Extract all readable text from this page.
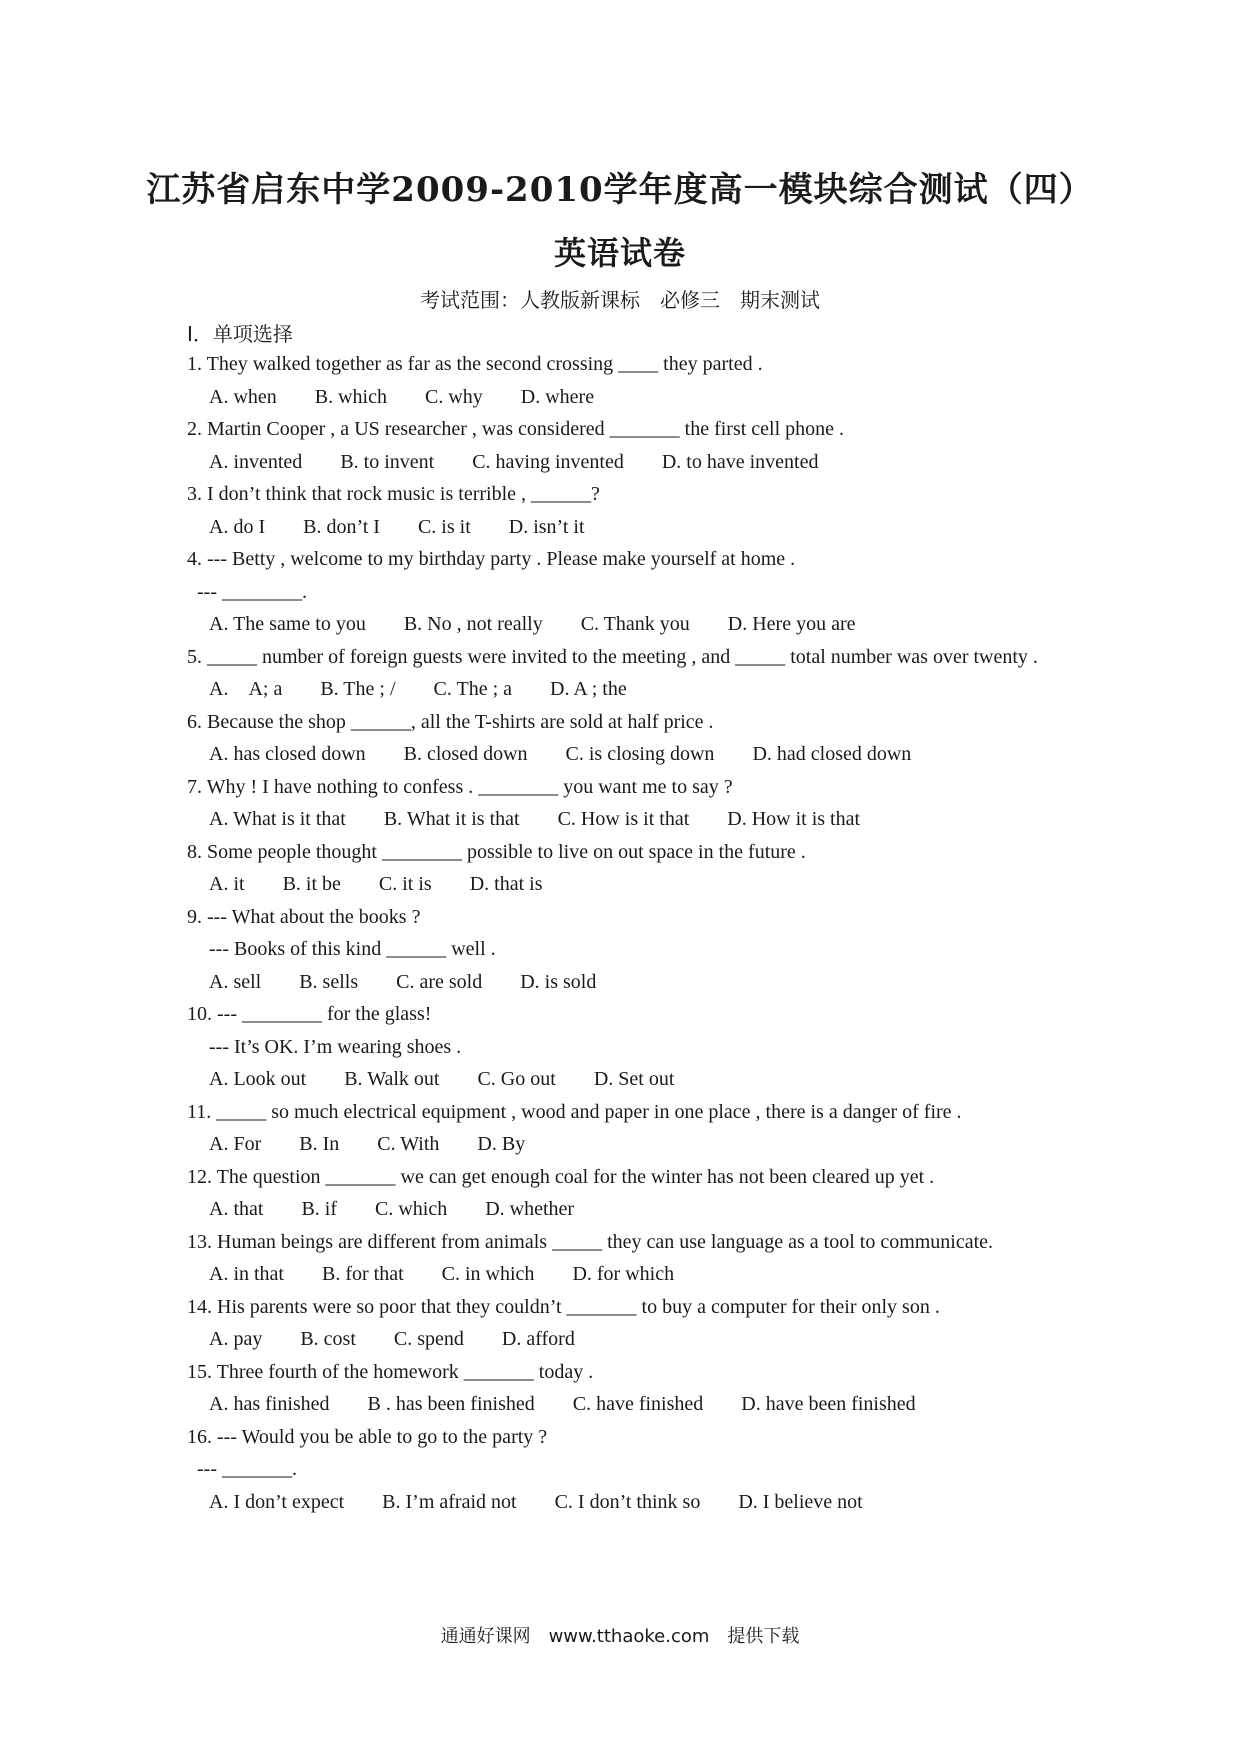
江苏省启东中学2009-2010学年度高一模块综合测试（四）
英语试卷
考试范围：人教版新课标　必修三　期末测试
I．单项选择

1. They walked together as far as the second crossing ____ they parted .

A. when B. which C. why D. where

2. Martin Cooper , a US researcher , was considered _______ the first cell phone .

A. invented B. to invent C. having invented D. to have invented

3. I don’t think that rock music is terrible , ______?

A. do I B. don’t I C. is it D. isn’t it

4. --- Betty , welcome to my birthday party . Please make yourself at home .

--- ________.

A. The same to you B. No , not really C. Thank you D. Here you are

5. _____ number of foreign guests were invited to the meeting , and _____ total number was over twenty .

A.　A; a B. The ; / C. The ; a D. A ; the

6. Because the shop ______, all the T-shirts are sold at half price .

A. has closed down B. closed down C. is closing down D. had closed down

7. Why ! I have nothing to confess . ________ you want me to say ?

A. What is it that B. What it is that C. How is it that D. How it is that

8. Some people thought ________ possible to live on out space in the future .

A. it B. it be C. it is D. that is

9. --- What about the books ?

--- Books of this kind ______ well .

A. sell B. sells C. are sold D. is sold

10. --- ________ for the glass!

--- It’s OK. I’m wearing shoes .

A. Look out B. Walk out C. Go out D. Set out

11. _____ so much electrical equipment , wood and paper in one place , there is a danger of fire .

A. For B. In C. With D. By

12. The question _______ we can get enough coal for the winter has not been cleared up yet .

A. that B. if C. which D. whether

13. Human beings are different from animals _____ they can use language as a tool to communicate.

A. in that B. for that C. in which D. for which

14. His parents were so poor that they couldn’t _______ to buy a computer for their only son .

A. pay B. cost C. spend D. afford

15. Three fourth of the homework _______ today .

A. has finished B . has been finished C. have finished D. have been finished

16. --- Would you be able to go to the party ?

--- _______.

A. I don’t expect B. I’m afraid not C. I don’t think so D. I believe not

通通好课网　www.tthaoke.com　提供下载
